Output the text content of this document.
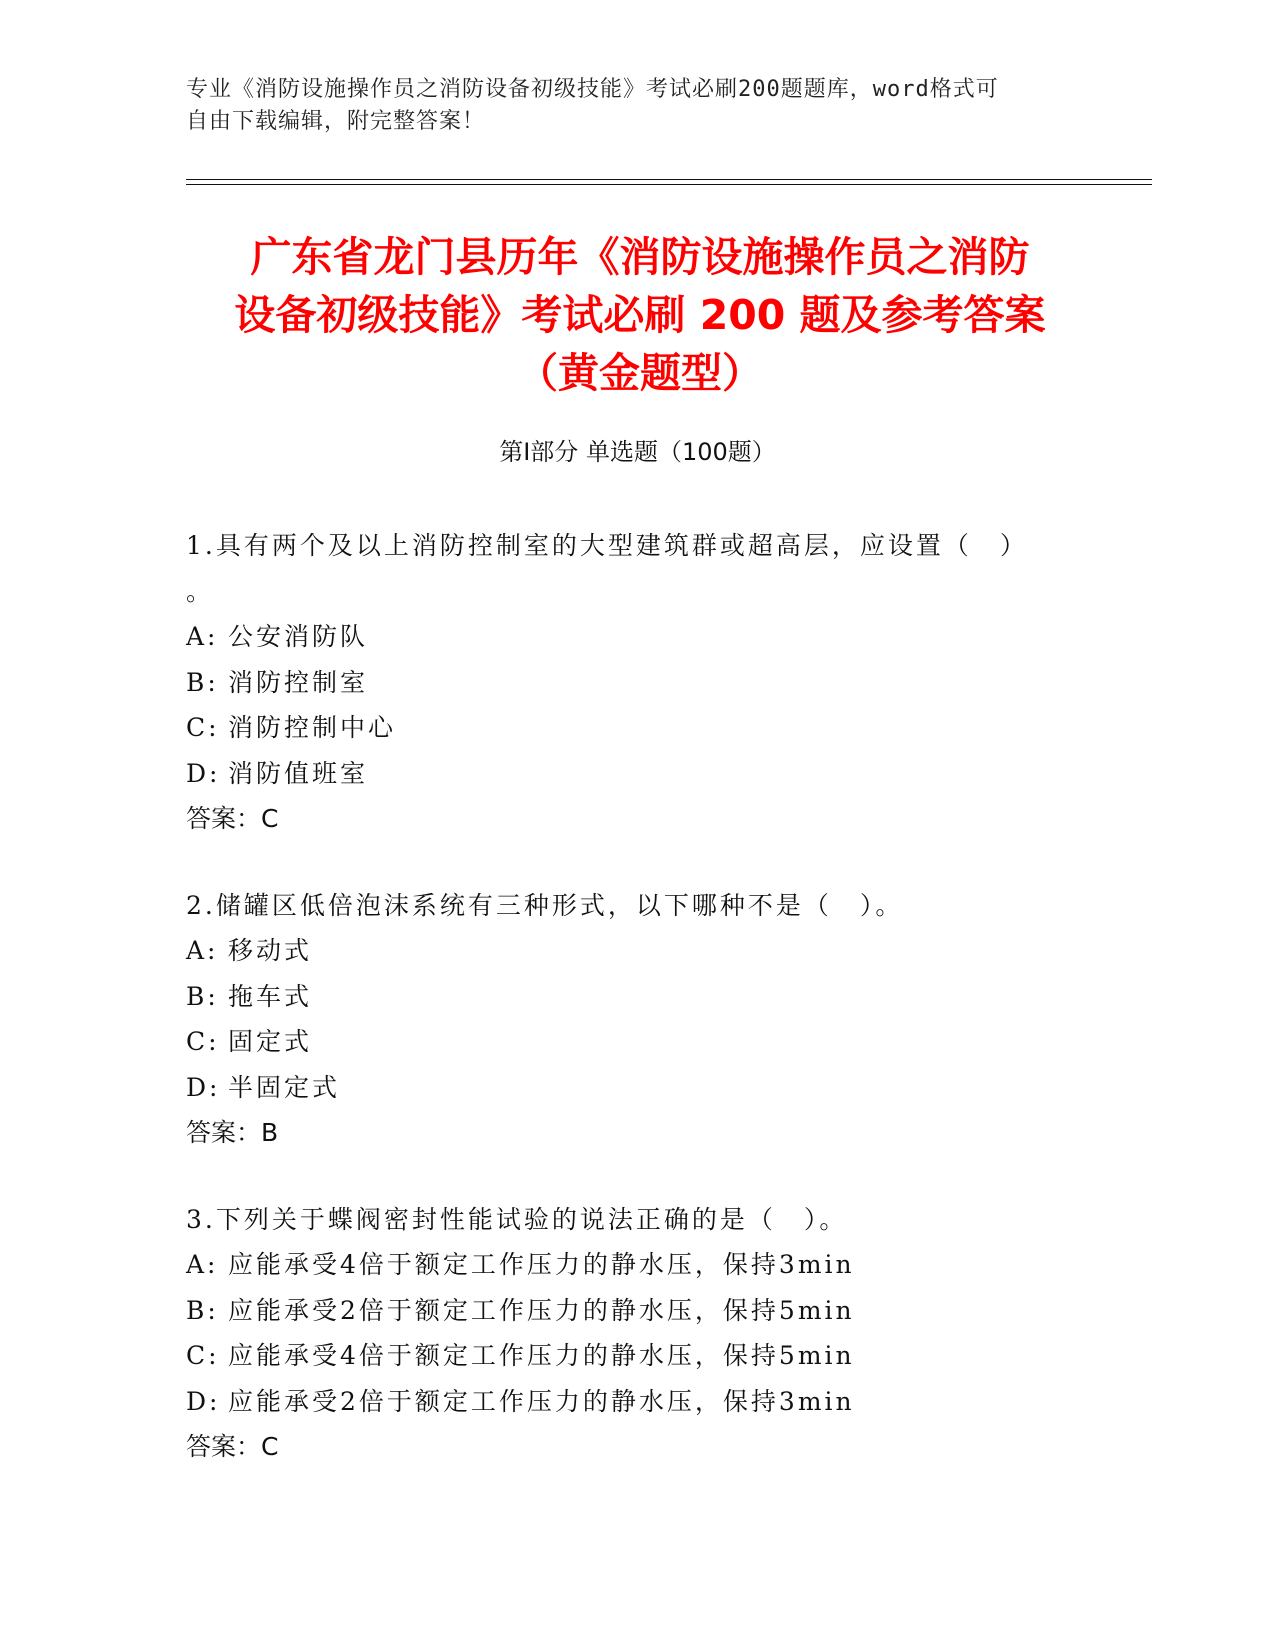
专业《消防设施操作员之消防设备初级技能》考试必刷200题题库，word格式可
自由下载编辑，附完整答案！
广东省龙门县历年《消防设施操作员之消防
设备初级技能》考试必刷 200 题及参考答案
（黄金题型）
第Ⅰ部分 单选题（100题）
1.具有两个及以上消防控制室的大型建筑群或超高层，应设置（　）
。
A: 公安消防队
B: 消防控制室
C: 消防控制中心
D: 消防值班室
答案：C
2.储罐区低倍泡沫系统有三种形式，以下哪种不是（　）。
A: 移动式
B: 拖车式
C: 固定式
D: 半固定式
答案：B
3.下列关于蝶阀密封性能试验的说法正确的是（　）。
A: 应能承受4倍于额定工作压力的静水压，保持3min
B: 应能承受2倍于额定工作压力的静水压，保持5min
C: 应能承受4倍于额定工作压力的静水压，保持5min
D: 应能承受2倍于额定工作压力的静水压，保持3min
答案：C
